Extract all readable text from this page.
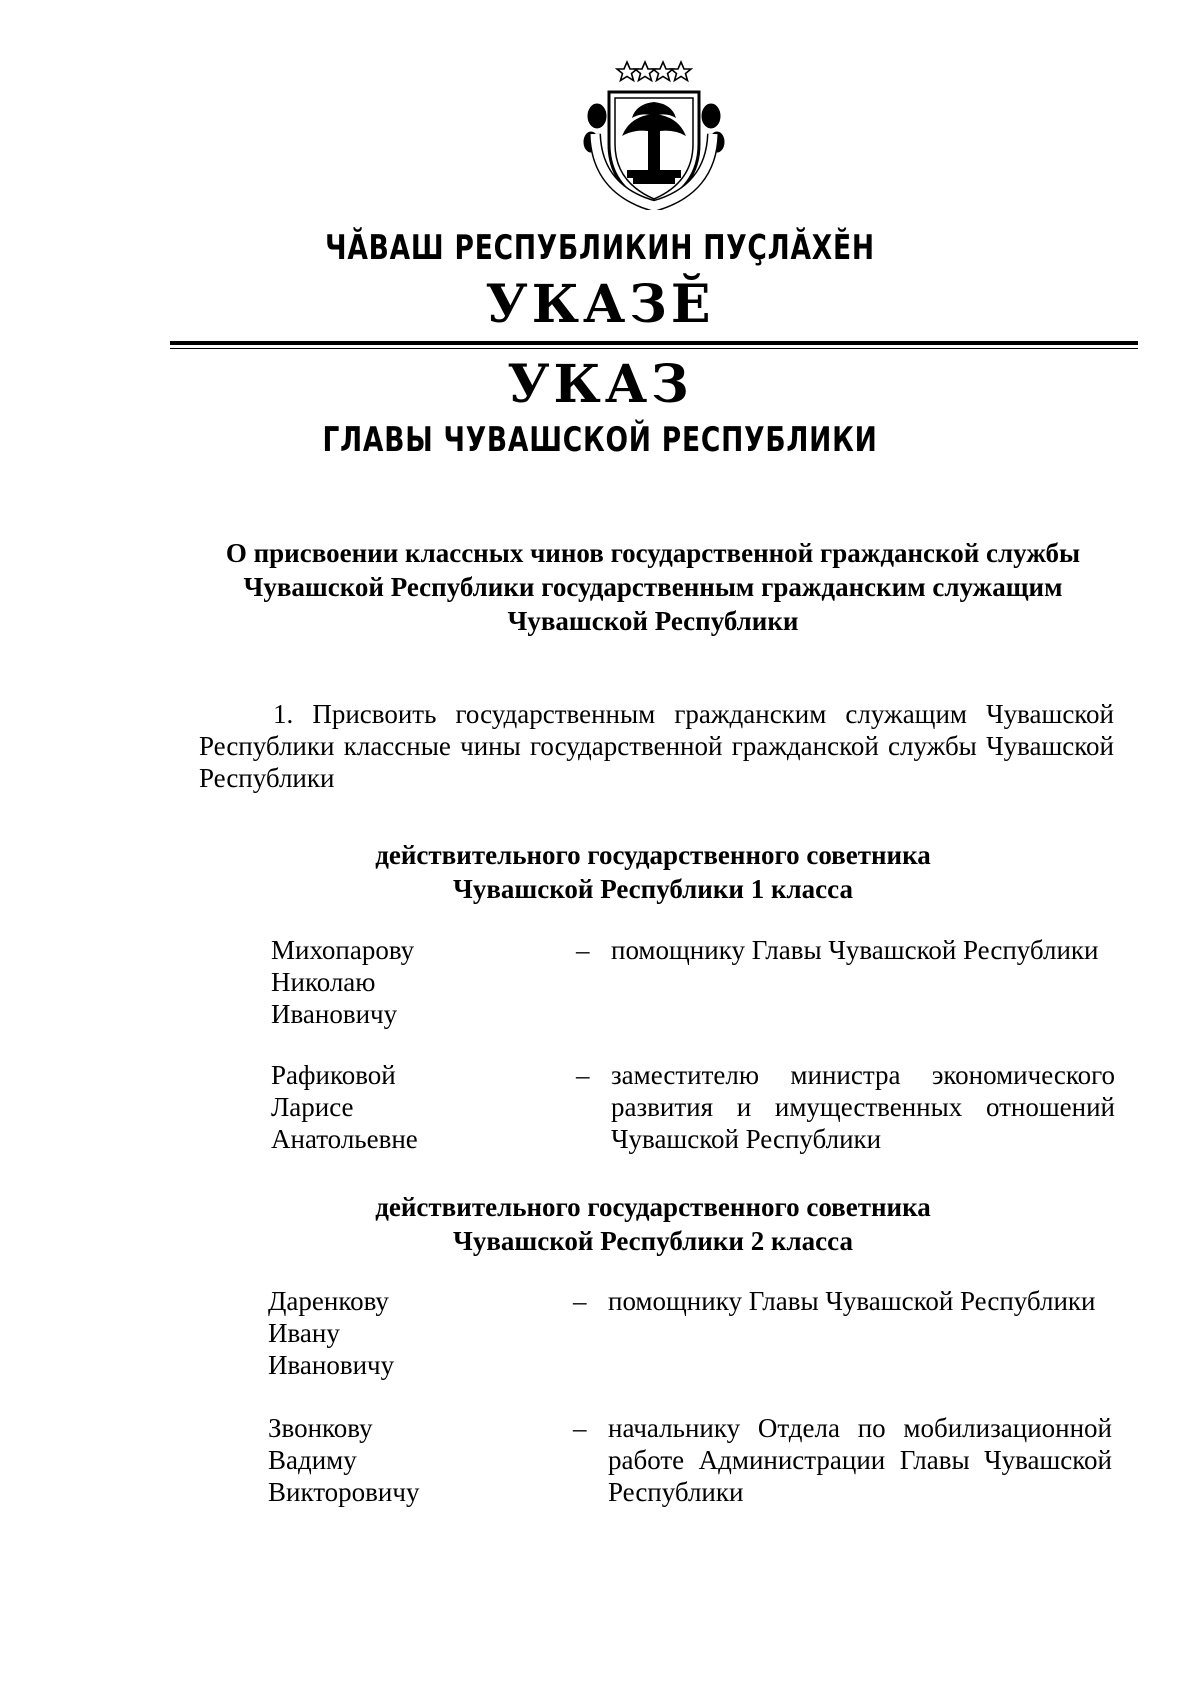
ЧĂВАШ РЕСПУБЛИКИН ПУÇЛĂХĔН
УКАЗĔ
УКАЗ
ГЛАВЫ ЧУВАШСКОЙ РЕСПУБЛИКИ
О присвоении классных чинов государственной гражданской службы Чувашской Республики государственным гражданским служащим Чувашской Республики
1. Присвоить государственным гражданским служащим Чувашской Республики классные чины государственной гражданской службы Чувашской Республики
действительного государственного советника
Чувашской Республики 1 класса
Михопарову
Николаю
Ивановичу
– помощнику Главы Чувашской Республики
Рафиковой
Ларисе
Анатольевне
– заместителю министра экономического развития и имущественных отношений Чувашской Республики
действительного государственного советника
Чувашской Республики 2 класса
Даренкову
Ивану
Ивановичу
– помощнику Главы Чувашской Республики
Звонкову
Вадиму
Викторовичу
– начальнику Отдела по мобилизационной работе Администрации Главы Чувашской Республики
